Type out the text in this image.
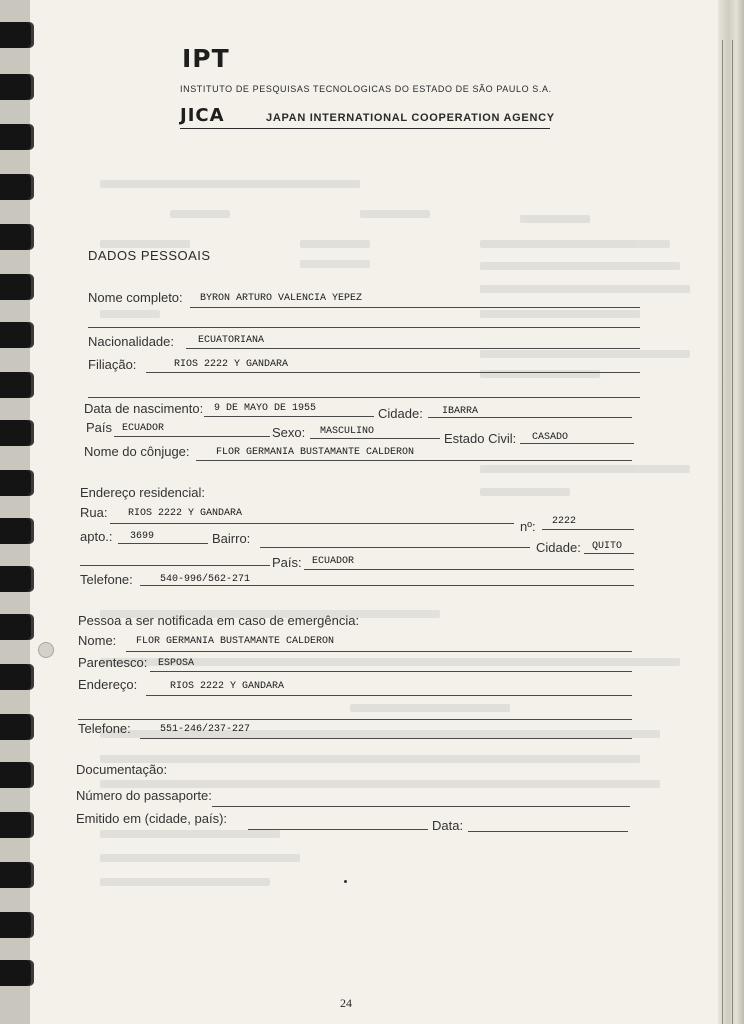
IPT
INSTITUTO DE PESQUISAS TECNOLOGICAS DO ESTADO DE SÃO PAULO S.A.
JICA	JAPAN INTERNATIONAL COOPERATION AGENCY
DADOS PESSOAIS
Nome completo: BYRON ARTURO VALENCIA YEPEZ
Nacionalidade: ECUATORIANA
Filiação:	RIOS 2222 Y GANDARA
Data de nascimento: 9 DE MAYO DE 1955	Cidade: IBARRA
País ECUADOR	Sexo: MASCULINO	Estado Civil: CASADO
Nome do cônjuge:	FLOR GERMANIA BUSTAMANTE CALDERON
Endereço residencial:
Rua: RIOS 2222 Y GANDARA
nº: 2222
apto.: 3699	Bairro:
Cidade: QUITO
País: ECUADOR
Telefone:	540-996/562-271
Pessoa a ser notificada em caso de emergência:
Nome: FLOR GERMANIA BUSTAMANTE CALDERON
Parentesco: ESPOSA
Endereço:	RIOS 2222 Y GANDARA
Telefone:	551-246/237-227
Documentação:
Número do passaporte:
Emitido em (cidade, país):	Data:
24
